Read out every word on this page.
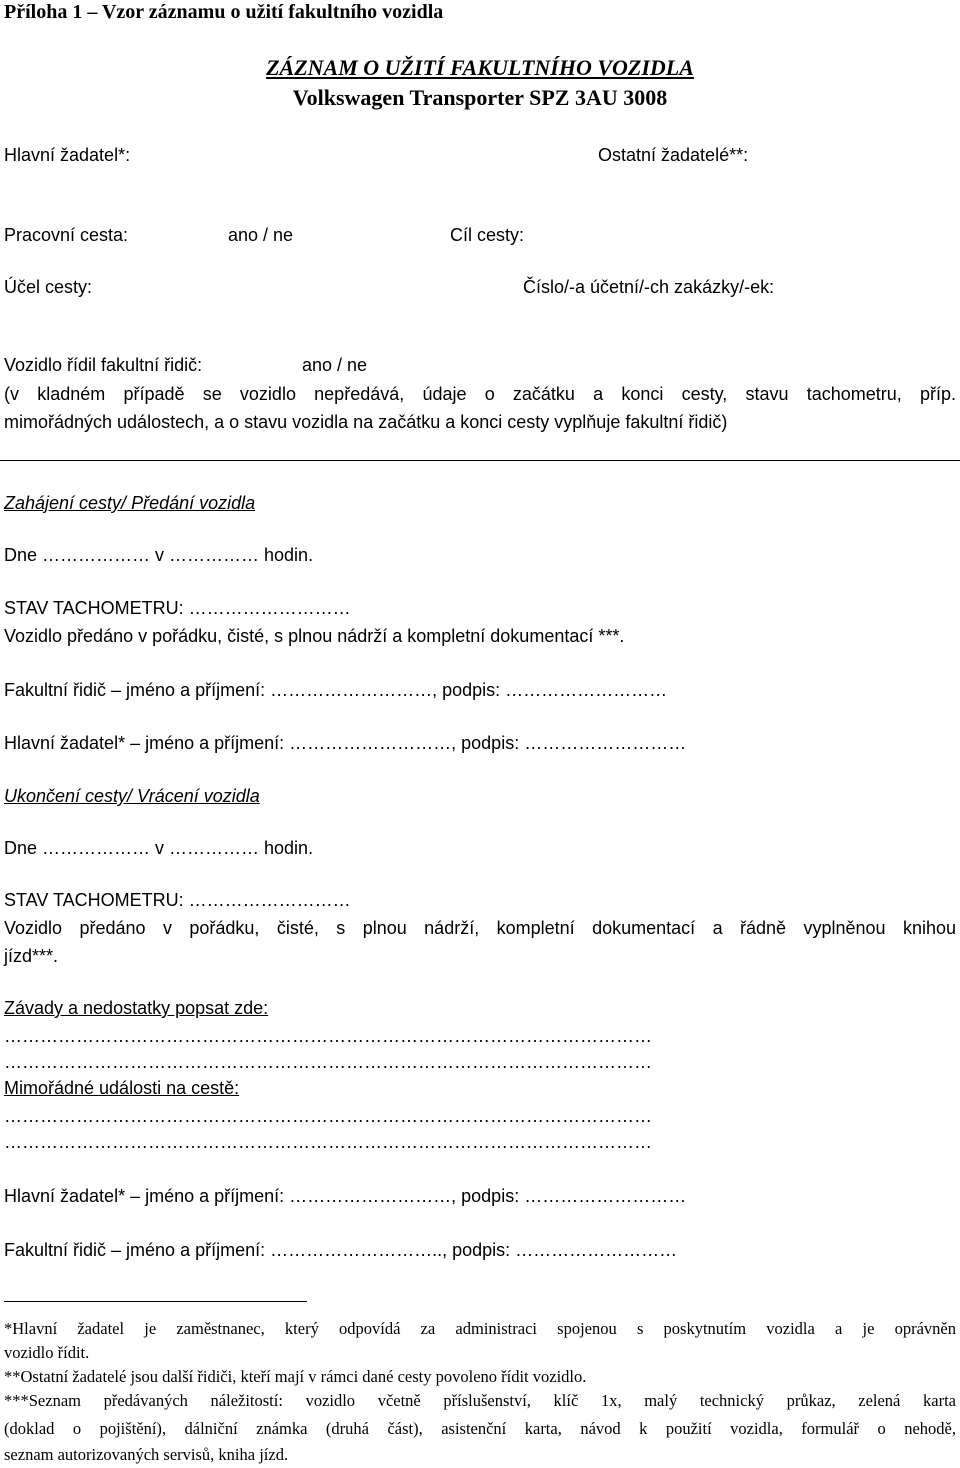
Příloha 1 – Vzor záznamu o užití fakultního vozidla
ZÁZNAM O UŽITÍ FAKULTNÍHO VOZIDLA
Volkswagen Transporter SPZ 3AU 3008
Hlavní žadatel*:	Ostatní žadatelé**:
Pracovní cesta:	ano / ne	Cíl cesty:
Účel cesty:	Číslo/-a účetní/-ch zakázky/-ek:
Vozidlo řídil fakultní řidič:	ano / ne
(v kladném případě se vozidlo nepředává, údaje o začátku a konci cesty, stavu tachometru, příp.
mimořádných událostech, a o stavu vozidla na začátku a konci cesty vyplňuje fakultní řidič)
Zahájení cesty/ Předání vozidla
Dne ……………… v …………… hodin.
STAV TACHOMETRU: ………………………
Vozidlo předáno v pořádku, čisté, s plnou nádrží a kompletní dokumentací ***.
Fakultní řidič – jméno a příjmení: ………………………, podpis: ………………………
Hlavní žadatel* – jméno a příjmení: ………………………, podpis: ………………………
Ukončení cesty/ Vrácení vozidla
Dne ……………… v …………… hodin.
STAV TACHOMETRU: ………………………
Vozidlo předáno v pořádku, čisté, s plnou nádrží, kompletní dokumentací a řádně vyplněnou knihou
jízd***.
Závady a nedostatky popsat zde:
………………………………………………………………………………………………
………………………………………………………………………………………………
Mimořádné události na cestě:
………………………………………………………………………………………………
………………………………………………………………………………………………
Hlavní žadatel* – jméno a příjmení: ………………………, podpis: ………………………
Fakultní řidič – jméno a příjmení: ……………………….., podpis: ………………………
*Hlavní žadatel je zaměstnanec, který odpovídá za administraci spojenou s poskytnutím vozidla a je oprávněn
vozidlo řídit.
**Ostatní žadatelé jsou další řidiči, kteří mají v rámci dané cesty povoleno řídit vozidlo.
***Seznam předávaných náležitostí: vozidlo včetně příslušenství, klíč 1x, malý technický průkaz, zelená karta
(doklad o pojištění), dálniční známka (druhá část), asistenční karta, návod k použití vozidla, formulář o nehodě,
seznam autorizovaných servisů, kniha jízd.
